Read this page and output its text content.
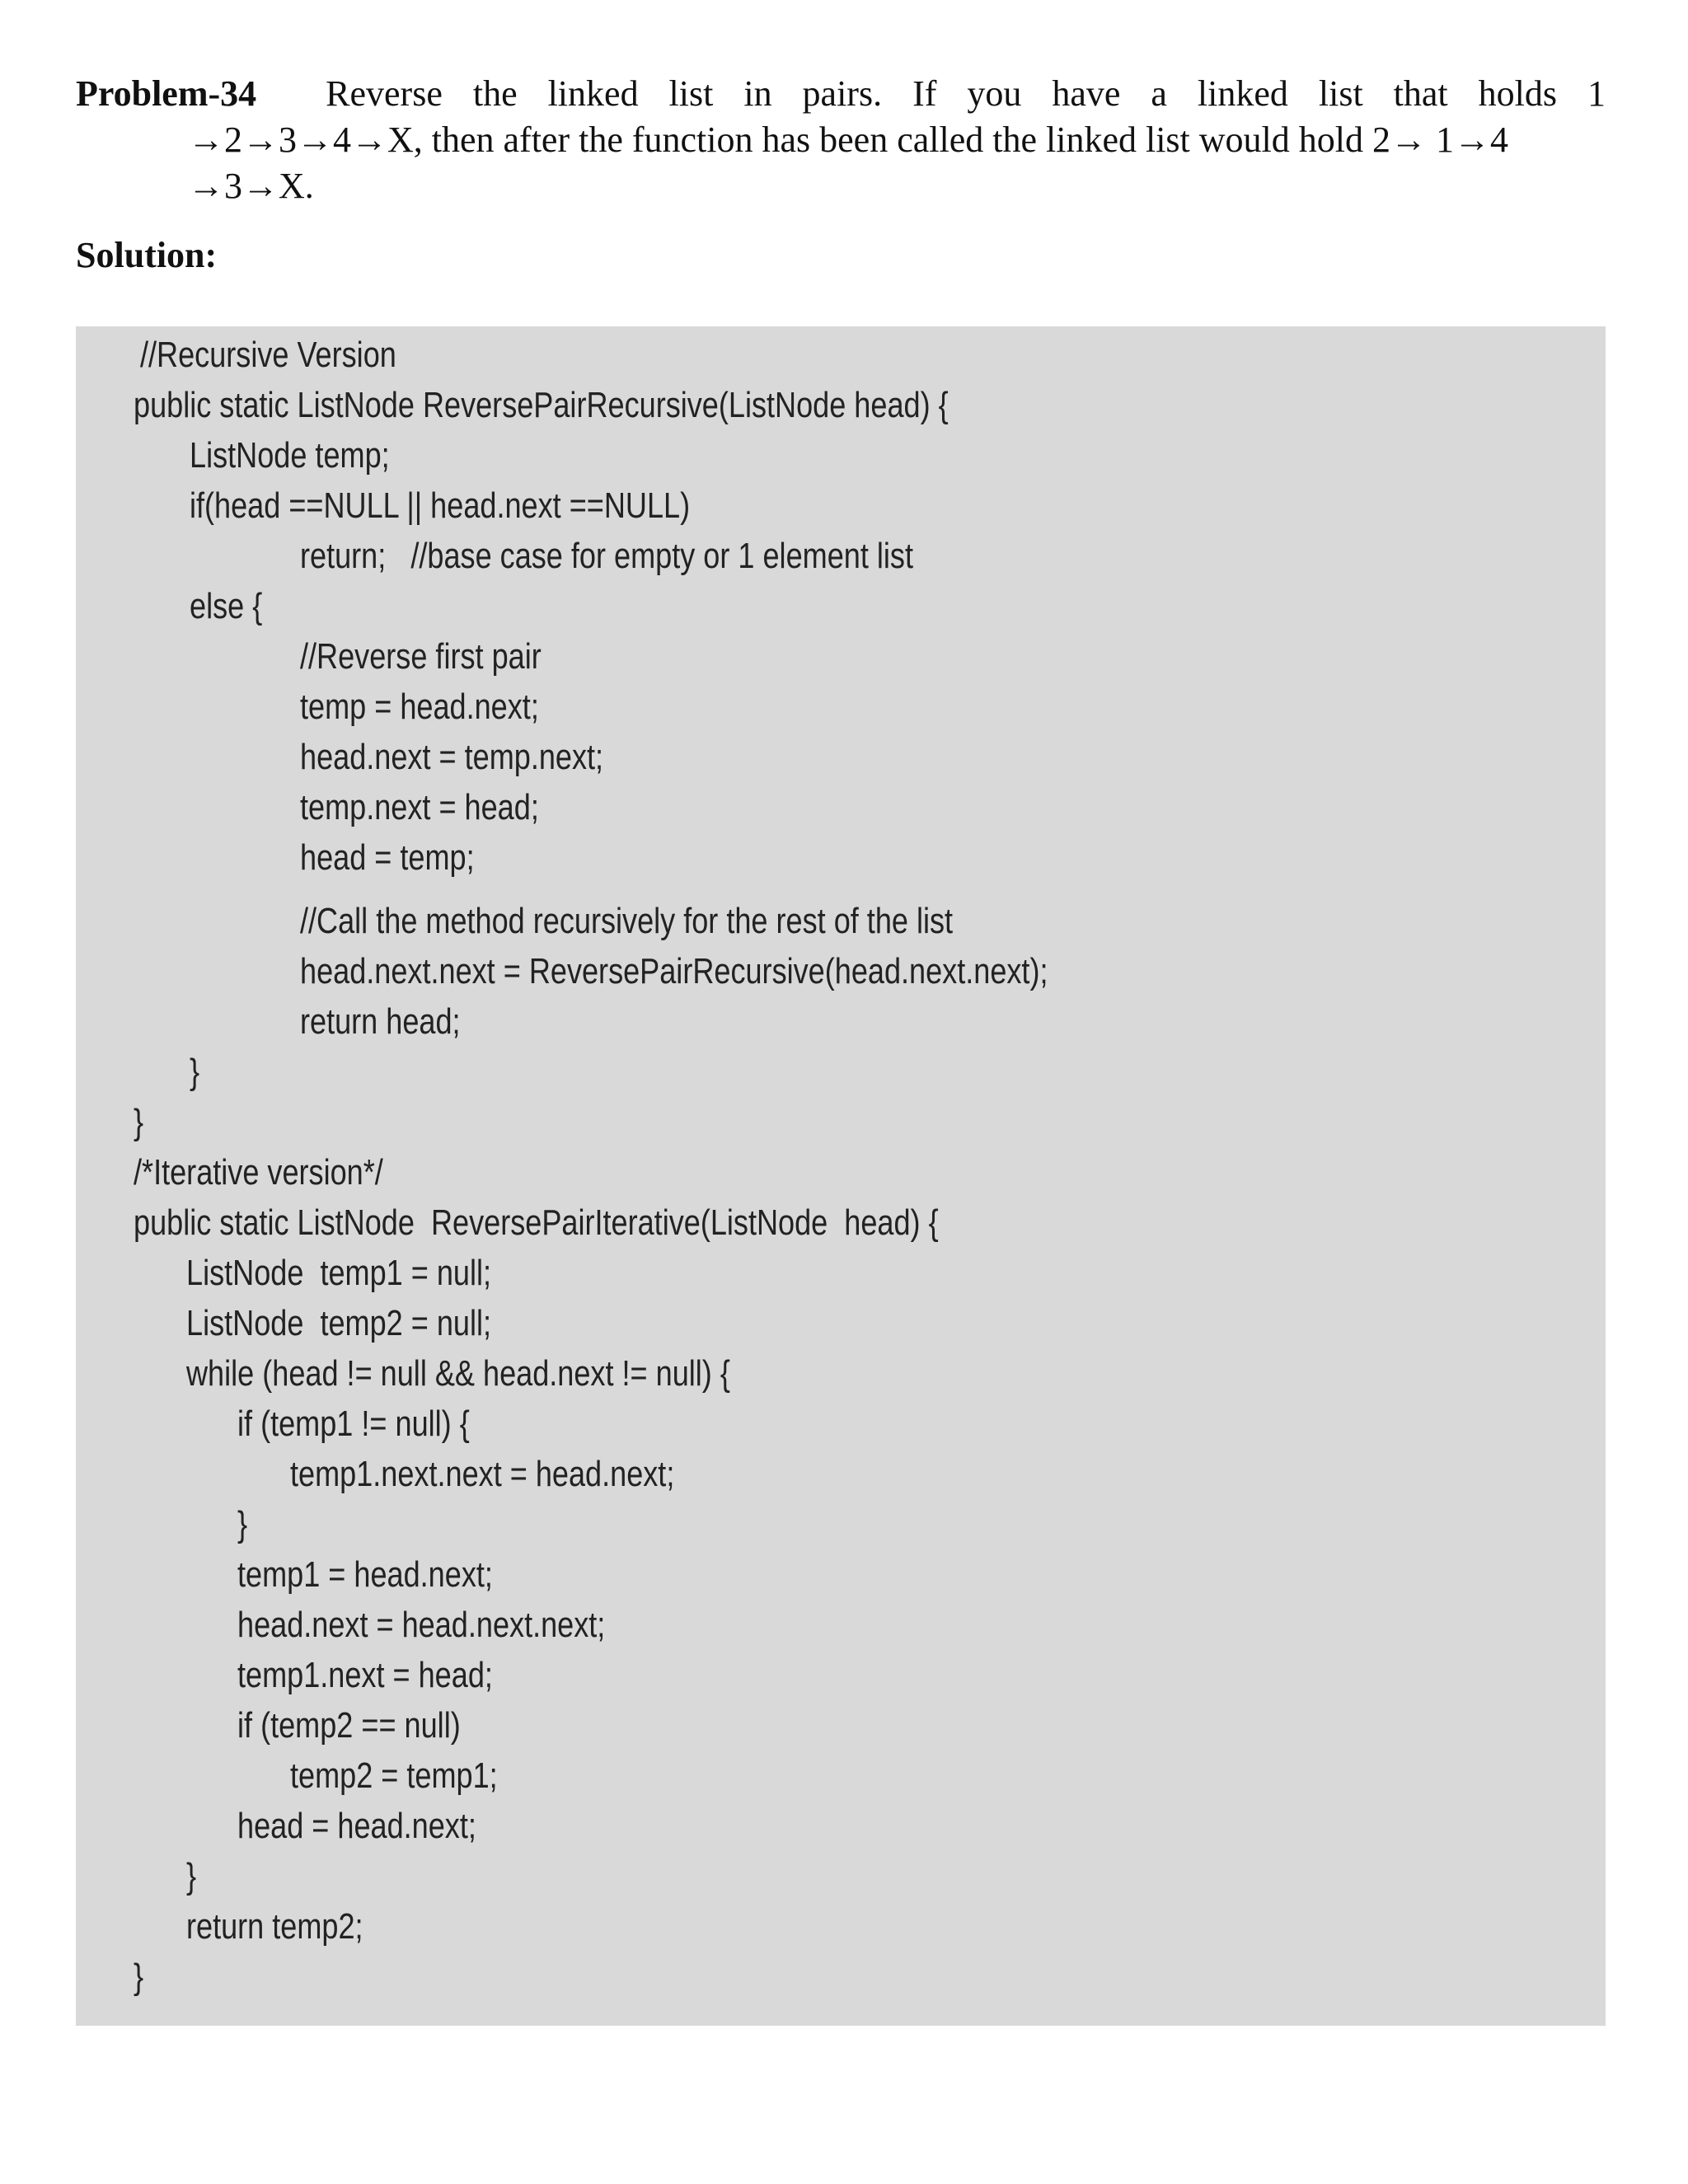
Problem-34 Reverse the linked list in pairs. If you have a linked list that holds 1
→2→3→4→X, then after the function has been called the linked list would hold 2→ 1→4
→3→X.
Solution:
//Recursive Version
public static ListNode ReversePairRecursive(ListNode head) {
ListNode temp;
if(head ==NULL || head.next ==NULL)
return;   //base case for empty or 1 element list
else {
//Reverse first pair
temp = head.next;
head.next = temp.next;
temp.next = head;
head = temp;
//Call the method recursively for the rest of the list
head.next.next = ReversePairRecursive(head.next.next);
return head;
}
}
/*Iterative version*/
public static ListNode  ReversePairIterative(ListNode  head) {
ListNode  temp1 = null;
ListNode  temp2 = null;
while (head != null && head.next != null) {
if (temp1 != null) {
temp1.next.next = head.next;
}
temp1 = head.next;
head.next = head.next.next;
temp1.next = head;
if (temp2 == null)
temp2 = temp1;
head = head.next;
}
return temp2;
}
